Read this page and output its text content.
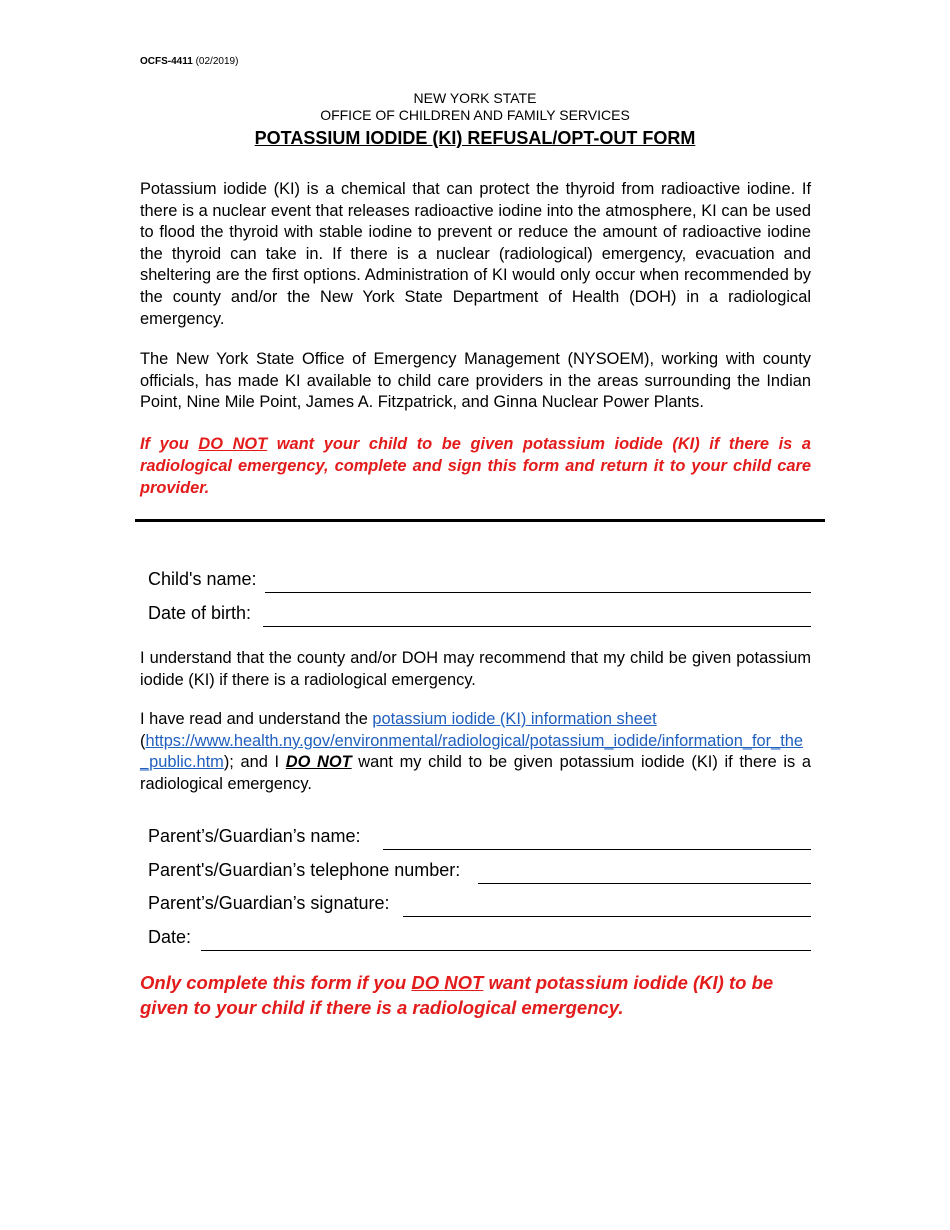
OCFS-4411 (02/2019)
NEW YORK STATE
OFFICE OF CHILDREN AND FAMILY SERVICES
POTASSIUM IODIDE (KI) REFUSAL/OPT-OUT FORM

Potassium iodide (KI) is a chemical that can protect the thyroid from radioactive iodine. If there is a nuclear event that releases radioactive iodine into the atmosphere, KI can be used to flood the thyroid with stable iodine to prevent or reduce the amount of radioactive iodine the thyroid can take in. If there is a nuclear (radiological) emergency, evacuation and sheltering are the first options. Administration of KI would only occur when recommended by the county and/or the New York State Department of Health (DOH) in a radiological emergency.

The New York State Office of Emergency Management (NYSOEM), working with county officials, has made KI available to child care providers in the areas surrounding the Indian Point, Nine Mile Point, James A. Fitzpatrick, and Ginna Nuclear Power Plants.

If you DO NOT want your child to be given potassium iodide (KI) if there is a radiological emergency, complete and sign this form and return it to your child care provider.

Child's name:
Date of birth:

I understand that the county and/or DOH may recommend that my child be given potassium iodide (KI) if there is a radiological emergency.

I have read and understand the potassium iodide (KI) information sheet
(https://www.health.ny.gov/environmental/radiological/potassium_iodide/information_for_the_public.htm); and I DO NOT want my child to be given potassium iodide (KI) if there is a radiological emergency.

Parent’s/Guardian’s name:
Parent's/Guardian’s telephone number:
Parent’s/Guardian’s signature:
Date:

Only complete this form if you DO NOT want potassium iodide (KI) to be given to your child if there is a radiological emergency.
